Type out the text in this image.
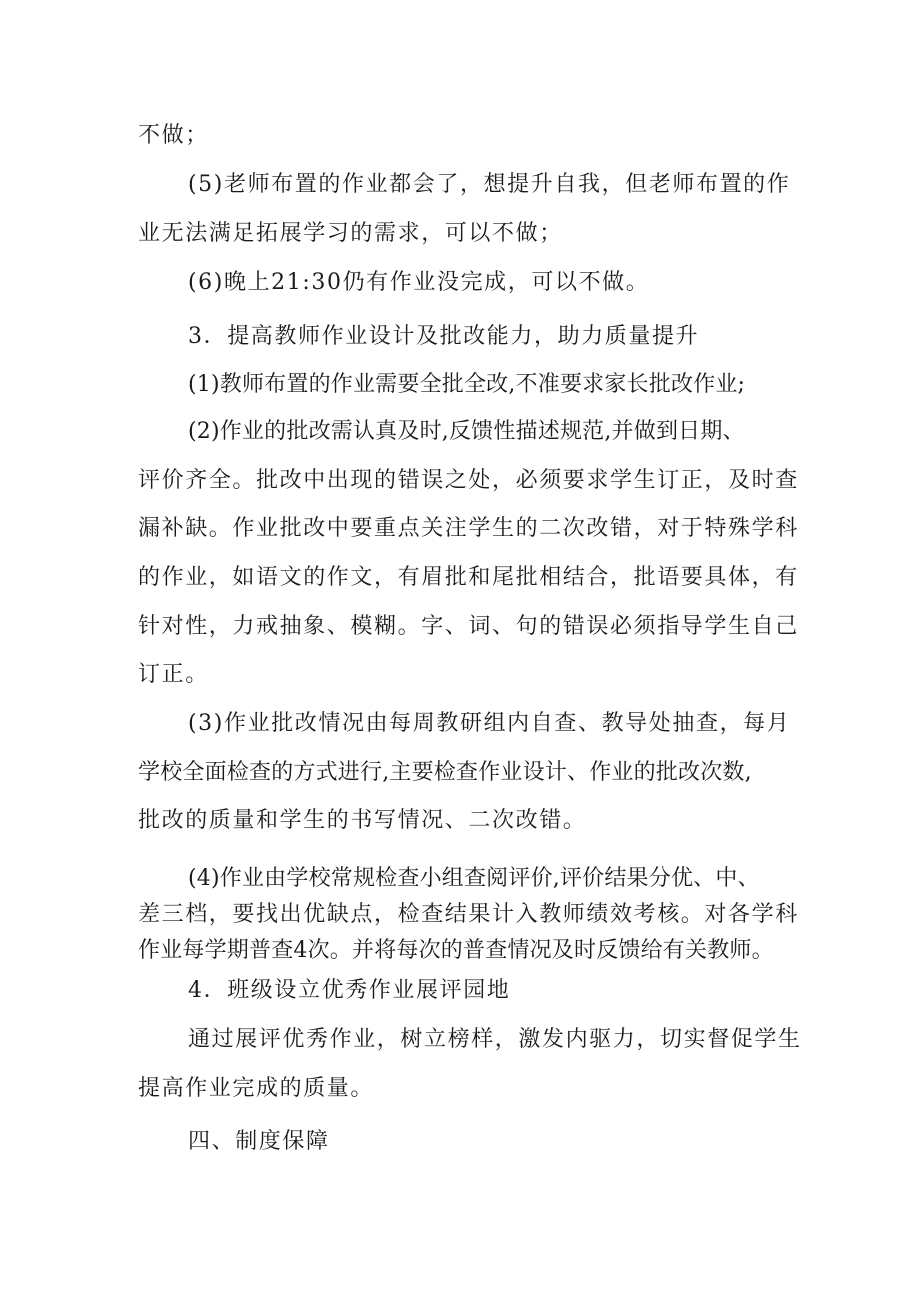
不做；
(5)老师布置的作业都会了，想提升自我，但老师布置的作
业无法满足拓展学习的需求，可以不做；
(6)晚上21:30仍有作业没完成，可以不做。
3．提高教师作业设计及批改能力，助力质量提升
(1)教师布置的作业需要全批全改,不准要求家长批改作业;
(2)作业的批改需认真及时,反馈性描述规范,并做到日期、
评价齐全。批改中出现的错误之处，必须要求学生订正，及时查
漏补缺。作业批改中要重点关注学生的二次改错，对于特殊学科
的作业，如语文的作文，有眉批和尾批相结合，批语要具体，有
针对性，力戒抽象、模糊。字、词、句的错误必须指导学生自己
订正。
(3)作业批改情况由每周教研组内自查、教导处抽查，每月
学校全面检查的方式进行,主要检查作业设计、作业的批改次数,
批改的质量和学生的书写情况、二次改错。
(4)作业由学校常规检查小组查阅评价,评价结果分优、中、
差三档，要找出优缺点，检查结果计入教师绩效考核。对各学科
作业每学期普查4次。并将每次的普查情况及时反馈给有关教师。
4．班级设立优秀作业展评园地
通过展评优秀作业，树立榜样，激发内驱力，切实督促学生
提高作业完成的质量。
四、制度保障
